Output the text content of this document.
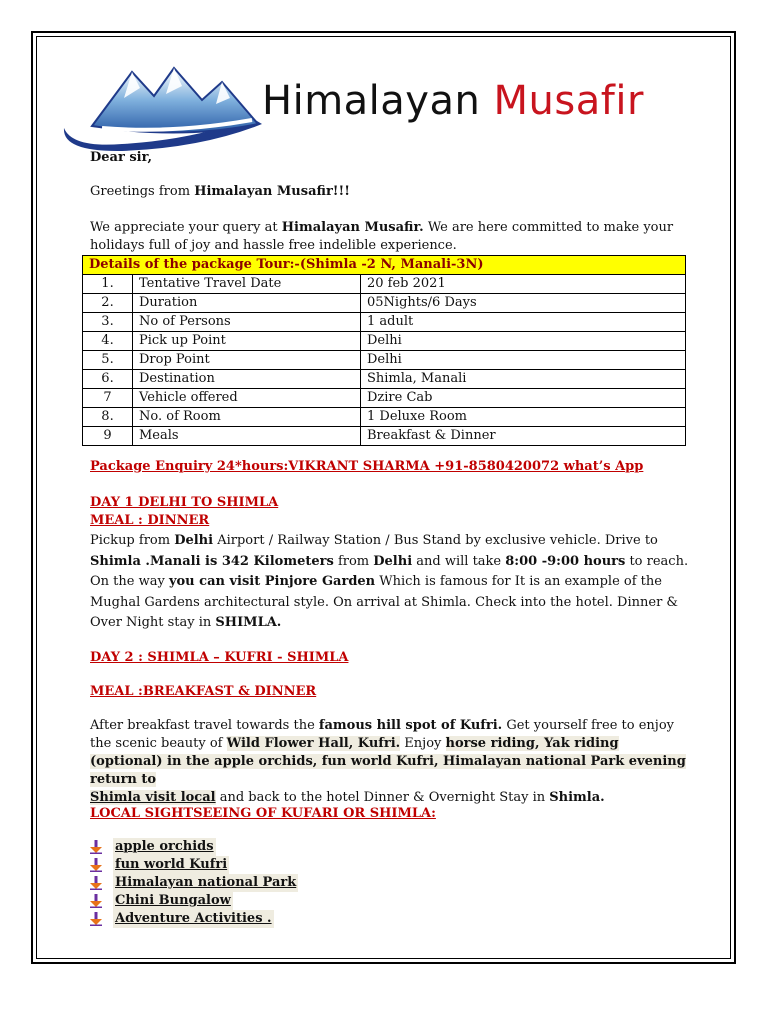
Himalayan Musafir
Dear sir,
Greetings from Himalayan Musafir!!!
We appreciate your query at Himalayan Musafir. We are here committed to make your holidays full of joy and hassle free indelible experience.
Details of the package Tour:-(Shimla -2 N, Manali-3N)		
1.	Tentative Travel Date	20 feb 2021
2.	Duration	05Nights/6 Days
3.	No of Persons	1 adult
4.	Pick up Point	Delhi
5.	Drop Point	Delhi
6.	Destination	Shimla, Manali
7	Vehicle offered	Dzire Cab
8.	No. of Room	1 Deluxe Room
9	Meals	Breakfast & Dinner
Package Enquiry 24*hours:VIKRANT SHARMA +91-8580420072 what’s App
DAY 1 DELHI TO SHIMLA
MEAL : DINNER
Pickup from Delhi Airport / Railway Station / Bus Stand by exclusive vehicle. Drive to Shimla .Manali is 342 Kilometers from Delhi and will take 8:00 -9:00 hours to reach. On the way you can visit Pinjore Garden Which is famous for It is an example of the Mughal Gardens architectural style. On arrival at Shimla. Check into the hotel. Dinner & Over Night stay in SHIMLA.
DAY 2 : SHIMLA – KUFRI - SHIMLA
MEAL :BREAKFAST & DINNER
After breakfast travel towards the famous hill spot of Kufri. Get yourself free to enjoy the scenic beauty of Wild Flower Hall, Kufri. Enjoy horse riding, Yak riding (optional) in the apple orchids, fun world Kufri, Himalayan national Park evening return to
Shimla visit local and back to the hotel Dinner & Overnight Stay in Shimla.
LOCAL SIGHTSEEING OF KUFARI OR SHIMLA:
apple orchids
fun world Kufri
Himalayan national Park
Chini Bungalow
Adventure Activities .
